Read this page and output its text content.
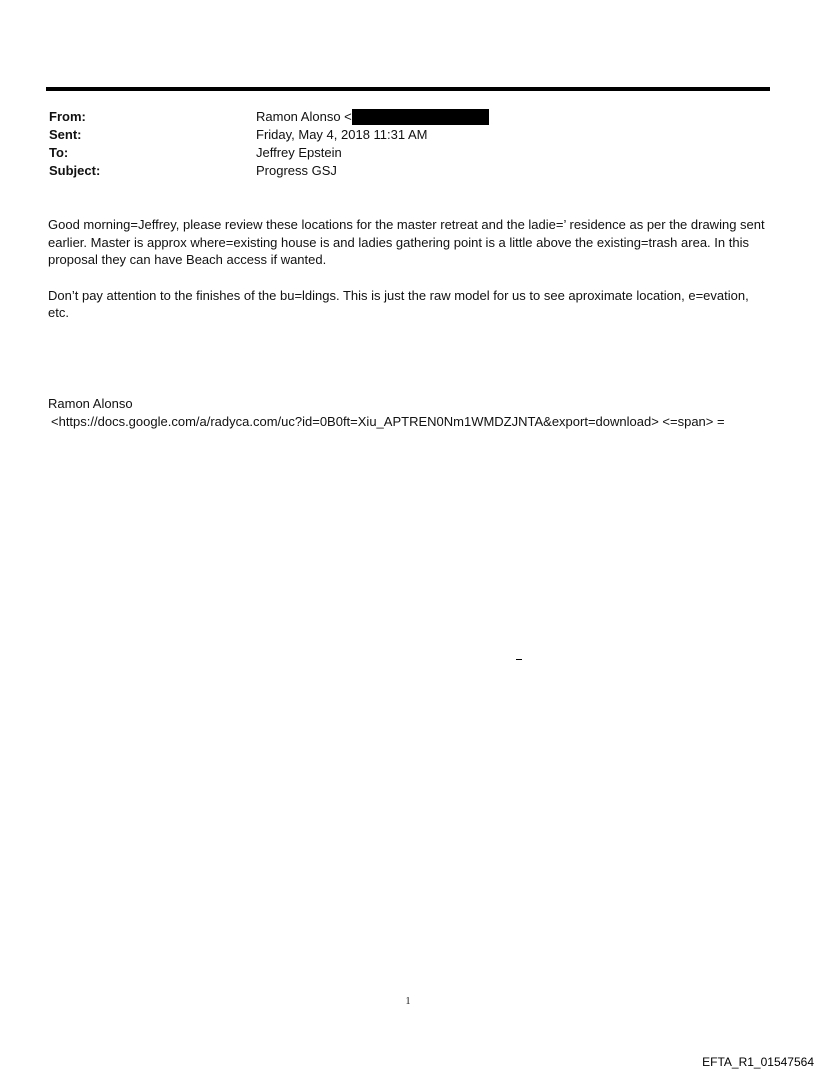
From:	Ramon Alonso <
Sent:	Friday, May 4, 2018 11:31 AM
To:	Jeffrey Epstein
Subject:	Progress GSJ

Good morning=Jeffrey, please review these locations for the master retreat and the ladie=’ residence as per the drawing sent earlier. Master is approx where=existing house is and ladies gathering point is a little above the existing=trash area. In this proposal they can have Beach access if wanted.

Don’t pay attention to the finishes of the bu=ldings. This is just the raw model for us to see aproximate location, e=evation, etc.

Ramon Alonso
<https://docs.google.com/a/radyca.com/uc?id=0B0ft=Xiu_APTREN0Nm1WMDZJNTA&export=download> <=span> =
1
EFTA_R1_01547564
